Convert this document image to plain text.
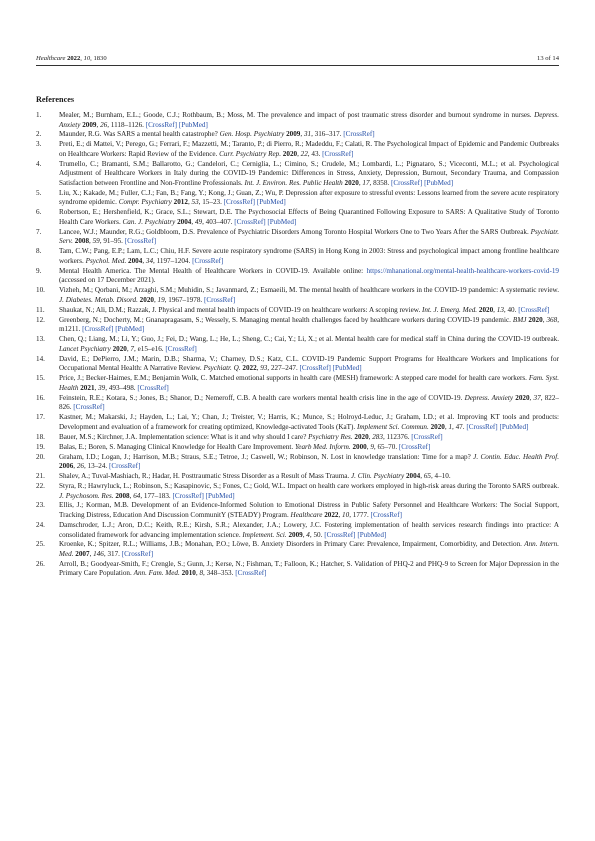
Healthcare 2022, 10, 1830	13 of 14
References
1.	Mealer, M.; Burnham, E.L.; Goode, C.J.; Rothbaum, B.; Moss, M. The prevalence and impact of post traumatic stress disorder and burnout syndrome in nurses. Depress. Anxiety 2009, 26, 1118–1126. [CrossRef] [PubMed]
2.	Maunder, R.G. Was SARS a mental health catastrophe? Gen. Hosp. Psychiatry 2009, 31, 316–317. [CrossRef]
3.	Preti, E.; di Mattei, V.; Perego, G.; Ferrari, F.; Mazzetti, M.; Taranto, P.; di Pierro, R.; Madeddu, F.; Calati, R. The Psychological Impact of Epidemic and Pandemic Outbreaks on Healthcare Workers: Rapid Review of the Evidence. Curr. Psychiatry Rep. 2020, 22, 43. [CrossRef]
4.	Trumello, C.; Bramanti, S.M.; Ballarotto, G.; Candelori, C.; Cerniglia, L.; Cimino, S.; Crudele, M.; Lombardi, L.; Pignataro, S.; Viceconti, M.L.; et al. Psychological Adjustment of Healthcare Workers in Italy during the COVID-19 Pandemic: Differences in Stress, Anxiety, Depression, Burnout, Secondary Trauma, and Compassion Satisfaction between Frontline and Non-Frontline Professionals. Int. J. Environ. Res. Public Health 2020, 17, 8358. [CrossRef] [PubMed]
5.	Liu, X.; Kakade, M.; Fuller, C.J.; Fan, B.; Fang, Y.; Kong, J.; Guan, Z.; Wu, P. Depression after exposure to stressful events: Lessons learned from the severe acute respiratory syndrome epidemic. Compr. Psychiatry 2012, 53, 15–23. [CrossRef] [PubMed]
6.	Robertson, E.; Hershenfield, K.; Grace, S.L.; Stewart, D.E. The Psychosocial Effects of Being Quarantined Following Exposure to SARS: A Qualitative Study of Toronto Health Care Workers. Can. J. Psychiatry 2004, 49, 403–407. [CrossRef] [PubMed]
7.	Lancee, W.J.; Maunder, R.G.; Goldbloom, D.S. Prevalence of Psychiatric Disorders Among Toronto Hospital Workers One to Two Years After the SARS Outbreak. Psychiatr. Serv. 2008, 59, 91–95. [CrossRef]
8.	Tam, C.W.; Pang, E.P.; Lam, L.C.; Chiu, H.F. Severe acute respiratory syndrome (SARS) in Hong Kong in 2003: Stress and psychological impact among frontline healthcare workers. Psychol. Med. 2004, 34, 1197–1204. [CrossRef]
9.	Mental Health America. The Mental Health of Healthcare Workers in COVID-19. Available online: https://mhanational.org/mental-health-healthcare-workers-covid-19 (accessed on 17 December 2021).
10.	Vizheh, M.; Qorbani, M.; Arzaghi, S.M.; Muhidin, S.; Javanmard, Z.; Esmaeili, M. The mental health of healthcare workers in the COVID-19 pandemic: A systematic review. J. Diabetes. Metab. Disord. 2020, 19, 1967–1978. [CrossRef]
11.	Shaukat, N.; Ali, D.M.; Razzak, J. Physical and mental health impacts of COVID-19 on healthcare workers: A scoping review. Int. J. Emerg. Med. 2020, 13, 40. [CrossRef]
12.	Greenberg, N.; Docherty, M.; Gnanapragasam, S.; Wessely, S. Managing mental health challenges faced by healthcare workers during COVID-19 pandemic. BMJ 2020, 368, m1211. [CrossRef] [PubMed]
13.	Chen, Q.; Liang, M.; Li, Y.; Guo, J.; Fei, D.; Wang, L.; He, L.; Sheng, C.; Cai, Y.; Li, X.; et al. Mental health care for medical staff in China during the COVID-19 outbreak. Lancet Psychiatry 2020, 7, e15–e16. [CrossRef]
14.	David, E.; DePierro, J.M.; Marin, D.B.; Sharma, V.; Charney, D.S.; Katz, C.L. COVID-19 Pandemic Support Programs for Healthcare Workers and Implications for Occupational Mental Health: A Narrative Review. Psychiatr. Q. 2022, 93, 227–247. [CrossRef] [PubMed]
15.	Price, J.; Becker-Haimes, E.M.; Benjamin Wolk, C. Matched emotional supports in health care (MESH) framework: A stepped care model for health care workers. Fam. Syst. Health 2021, 39, 493–498. [CrossRef]
16.	Feinstein, R.E.; Kotara, S.; Jones, B.; Shanor, D.; Nemeroff, C.B. A health care workers mental health crisis line in the age of COVID-19. Depress. Anxiety 2020, 37, 822–826. [CrossRef]
17.	Kastner, M.; Makarski, J.; Hayden, L.; Lai, Y.; Chan, J.; Treister, V.; Harris, K.; Munce, S.; Holroyd-Leduc, J.; Graham, I.D.; et al. Improving KT tools and products: Development and evaluation of a framework for creating optimized, Knowledge-activated Tools (KaT). Implement Sci. Commun. 2020, 1, 47. [CrossRef] [PubMed]
18.	Bauer, M.S.; Kirchner, J.A. Implementation science: What is it and why should I care? Psychiatry Res. 2020, 283, 112376. [CrossRef]
19.	Balas, E.; Boren, S. Managing Clinical Knowledge for Health Care Improvement. Yearb Med. Inform. 2000, 9, 65–70. [CrossRef]
20.	Graham, I.D.; Logan, J.; Harrison, M.B.; Straus, S.E.; Tetroe, J.; Caswell, W.; Robinson, N. Lost in knowledge translation: Time for a map? J. Contin. Educ. Health Prof. 2006, 26, 13–24. [CrossRef]
21.	Shalev, A.; Tuval-Mashiach, R.; Hadar, H. Posttraumatic Stress Disorder as a Result of Mass Trauma. J. Clin. Psychiatry 2004, 65, 4–10.
22.	Styra, R.; Hawryluck, L.; Robinson, S.; Kasapinovic, S.; Fones, C.; Gold, W.L. Impact on health care workers employed in high-risk areas during the Toronto SARS outbreak. J. Psychosom. Res. 2008, 64, 177–183. [CrossRef] [PubMed]
23.	Ellis, J.; Korman, M.B. Development of an Evidence-Informed Solution to Emotional Distress in Public Safety Personnel and Healthcare Workers: The Social Support, Tracking Distress, Education And Discussion CommunitY (STEADY) Program. Healthcare 2022, 10, 1777. [CrossRef]
24.	Damschroder, L.J.; Aron, D.C.; Keith, R.E.; Kirsh, S.R.; Alexander, J.A.; Lowery, J.C. Fostering implementation of health services research findings into practice: A consolidated framework for advancing implementation science. Implement. Sci. 2009, 4, 50. [CrossRef] [PubMed]
25.	Kroenke, K.; Spitzer, R.L.; Williams, J.B.; Monahan, P.O.; Löwe, B. Anxiety Disorders in Primary Care: Prevalence, Impairment, Comorbidity, and Detection. Ann. Intern. Med. 2007, 146, 317. [CrossRef]
26.	Arroll, B.; Goodyear-Smith, F.; Crengle, S.; Gunn, J.; Kerse, N.; Fishman, T.; Falloon, K.; Hatcher, S. Validation of PHQ-2 and PHQ-9 to Screen for Major Depression in the Primary Care Population. Ann. Fam. Med. 2010, 8, 348–353. [CrossRef]
